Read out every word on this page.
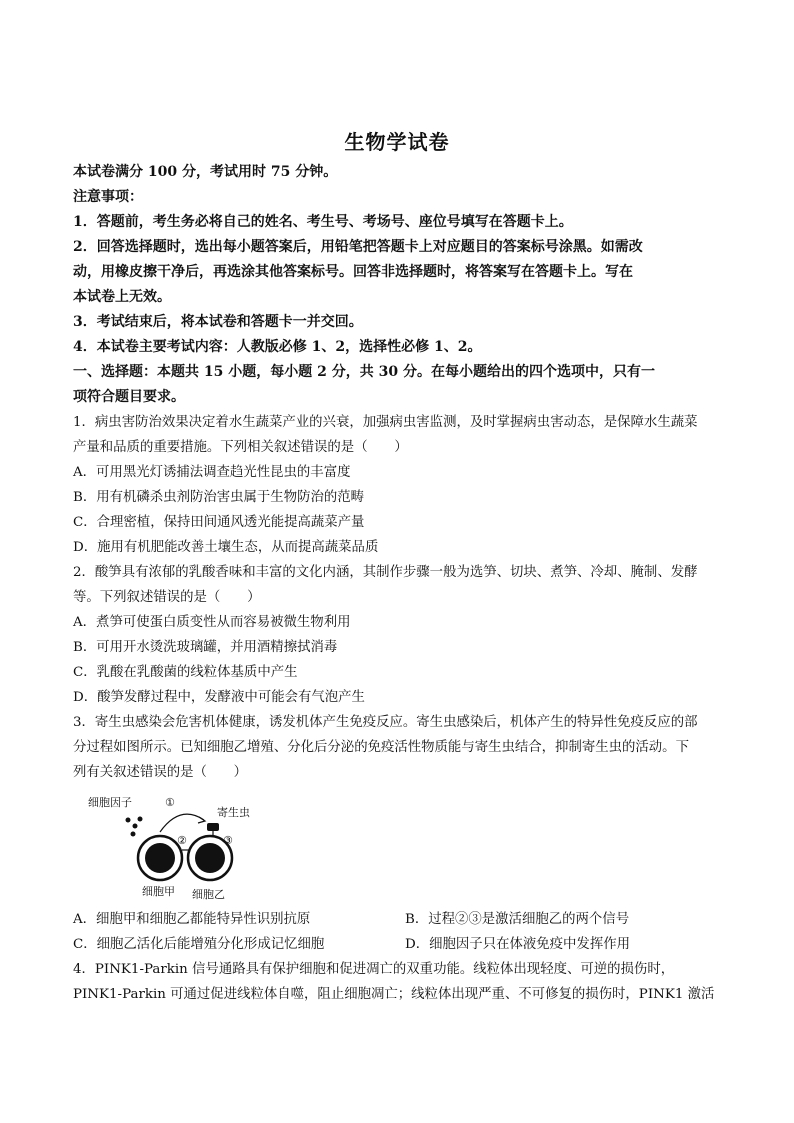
生物学试卷
本试卷满分 100 分，考试用时 75 分钟。
注意事项：
1．答题前，考生务必将自己的姓名、考生号、考场号、座位号填写在答题卡上。
2．回答选择题时，选出每小题答案后，用铅笔把答题卡上对应题目的答案标号涂黑。如需改
动，用橡皮擦干净后，再选涂其他答案标号。回答非选择题时，将答案写在答题卡上。写在
本试卷上无效。
3．考试结束后，将本试卷和答题卡一并交回。
4．本试卷主要考试内容：人教版必修 1、2，选择性必修 1、2。
一、选择题：本题共 15 小题，每小题 2 分，共 30 分。在每小题给出的四个选项中，只有一
项符合题目要求。
1．病虫害防治效果决定着水生蔬菜产业的兴衰，加强病虫害监测，及时掌握病虫害动态，是保障水生蔬菜
产量和品质的重要措施。下列相关叙述错误的是（　　）
A．可用黑光灯诱捕法调查趋光性昆虫的丰富度
B．用有机磷杀虫剂防治害虫属于生物防治的范畴
C．合理密植，保持田间通风透光能提高蔬菜产量
D．施用有机肥能改善土壤生态，从而提高蔬菜品质
2．酸笋具有浓郁的乳酸香味和丰富的文化内涵，其制作步骤一般为选笋、切块、煮笋、冷却、腌制、发酵
等。下列叙述错误的是（　　）
A．煮笋可使蛋白质变性从而容易被微生物利用
B．可用开水烫洗玻璃罐，并用酒精擦拭消毒
C．乳酸在乳酸菌的线粒体基质中产生
D．酸笋发酵过程中，发酵液中可能会有气泡产生
3．寄生虫感染会危害机体健康，诱发机体产生免疫反应。寄生虫感染后，机体产生的特异性免疫反应的部
分过程如图所示。已知细胞乙增殖、分化后分泌的免疫活性物质能与寄生虫结合，抑制寄生虫的活动。下
列有关叙述错误的是（　　）
细胞因子	①
寄生虫
②	③
细胞甲 细胞乙
A．细胞甲和细胞乙都能特异性识别抗原	B．过程②③是激活细胞乙的两个信号
C．细胞乙活化后能增殖分化形成记忆细胞	D．细胞因子只在体液免疫中发挥作用
4．PINK1-Parkin 信号通路具有保护细胞和促进凋亡的双重功能。线粒体出现轻度、可逆的损伤时，
PINK1-Parkin 可通过促进线粒体自噬，阻止细胞凋亡；线粒体出现严重、不可修复的损伤时，PINK1 激活
